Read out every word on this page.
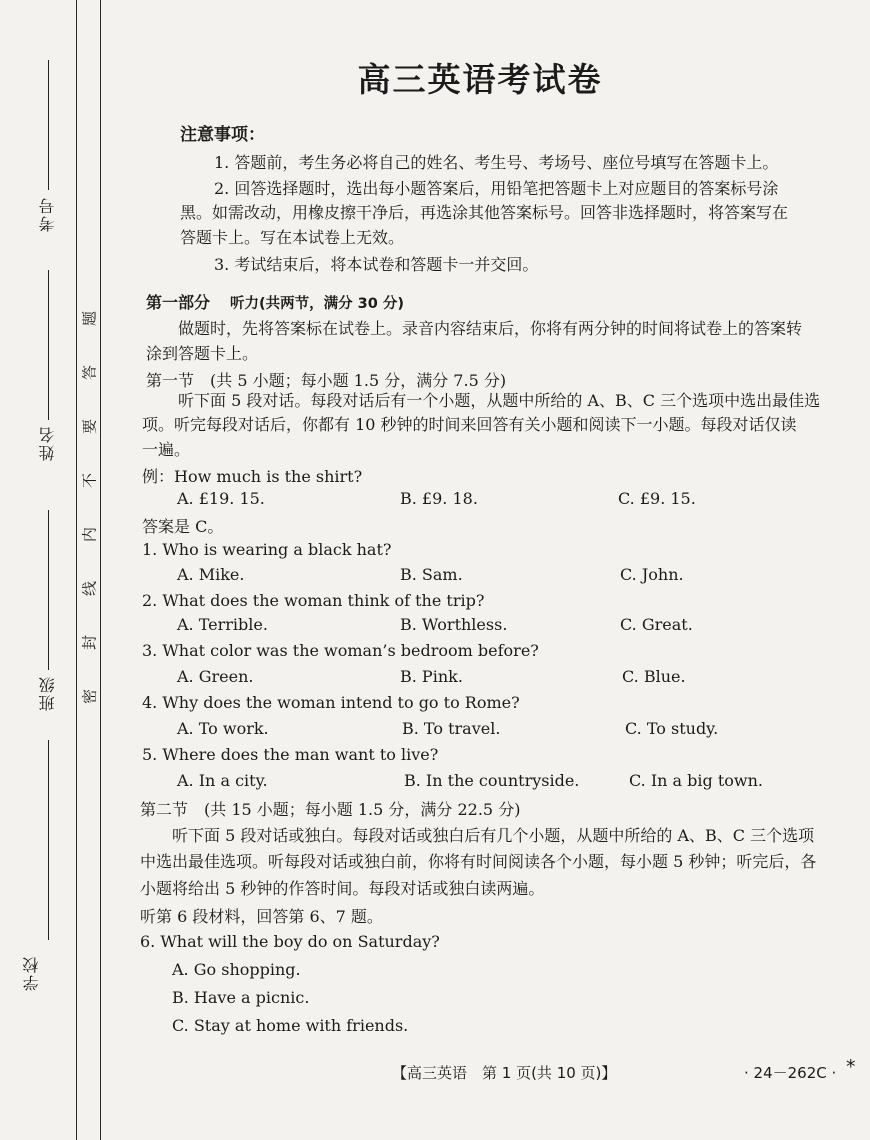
考号
姓名
班级
学校
题
答
要
不
内
线
封
密
高三英语考试卷
注意事项：
1. 答题前，考生务必将自己的姓名、考生号、考场号、座位号填写在答题卡上。
2. 回答选择题时，选出每小题答案后，用铅笔把答题卡上对应题目的答案标号涂
黑。如需改动，用橡皮擦干净后，再选涂其他答案标号。回答非选择题时，将答案写在
答题卡上。写在本试卷上无效。
3. 考试结束后，将本试卷和答题卡一并交回。
第一部分 听力(共两节，满分 30 分)
做题时，先将答案标在试卷上。录音内容结束后，你将有两分钟的时间将试卷上的答案转
涂到答题卡上。
第一节　(共 5 小题；每小题 1.5 分，满分 7.5 分)
听下面 5 段对话。每段对话后有一个小题，从题中所给的 A、B、C 三个选项中选出最佳选
项。听完每段对话后，你都有 10 秒钟的时间来回答有关小题和阅读下一小题。每段对话仅读
一遍。
例：How much is the shirt?
A. £19. 15.	B. £9. 18.	C. £9. 15.
答案是 C。
1. Who is wearing a black hat?
A. Mike.	B. Sam.	C. John.
2. What does the woman think of the trip?
A. Terrible.	B. Worthless.	C. Great.
3. What color was the woman’s bedroom before?
A. Green.	B. Pink.	C. Blue.
4. Why does the woman intend to go to Rome?
A. To work.	B. To travel.	C. To study.
5. Where does the man want to live?
A. In a city.	B. In the countryside.	C. In a big town.
第二节　(共 15 小题；每小题 1.5 分，满分 22.5 分)
听下面 5 段对话或独白。每段对话或独白后有几个小题，从题中所给的 A、B、C 三个选项
中选出最佳选项。听每段对话或独白前，你将有时间阅读各个小题，每小题 5 秒钟；听完后，各
小题将给出 5 秒钟的作答时间。每段对话或独白读两遍。
听第 6 段材料，回答第 6、7 题。
6. What will the boy do on Saturday?
A. Go shopping.
B. Have a picnic.
C. Stay at home with friends.
【高三英语　第 1 页(共 10 页)】	· 24－262C · *
